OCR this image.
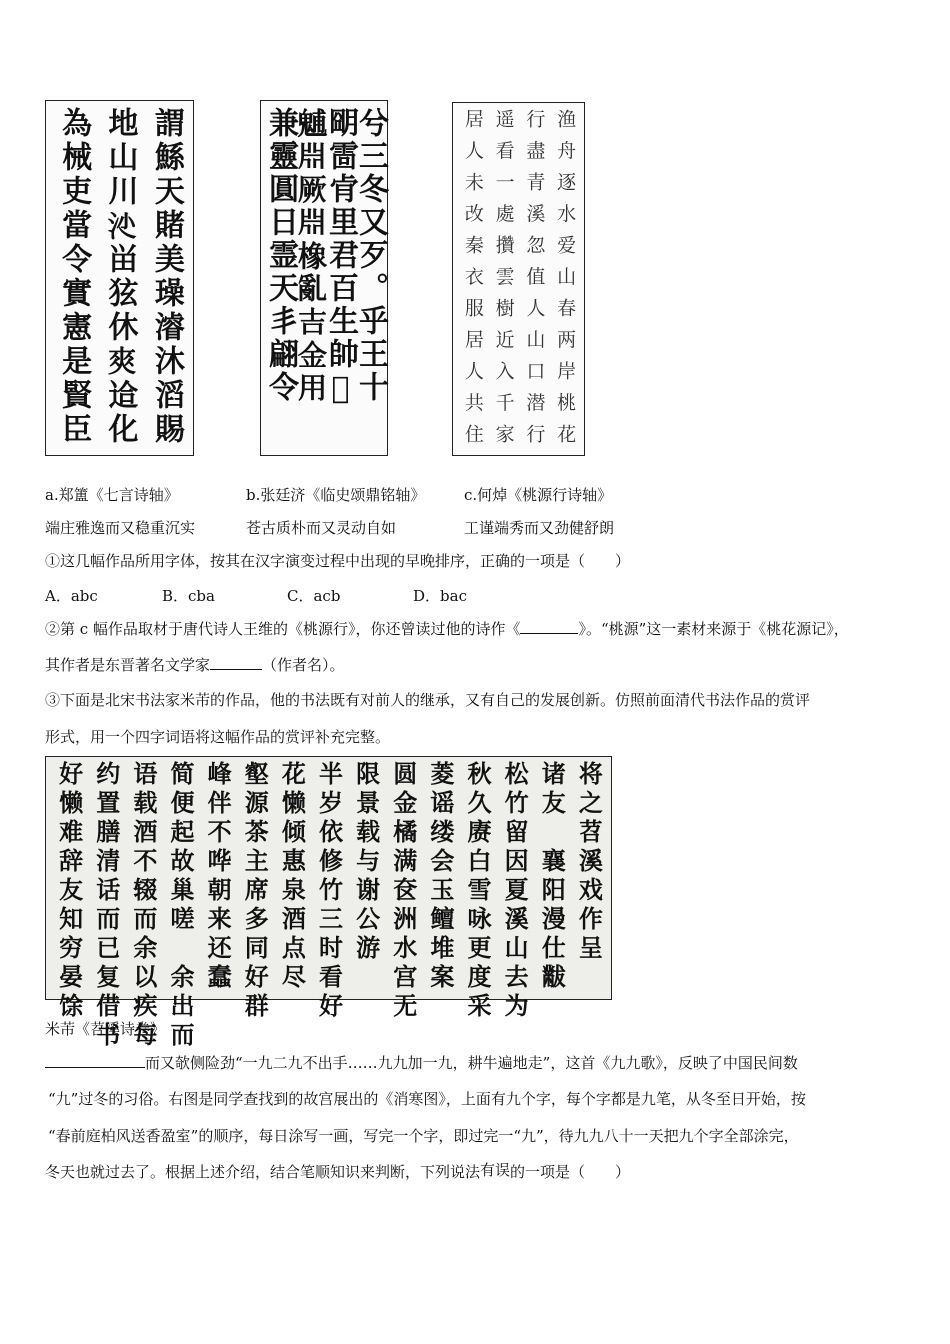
謂鯀天賭美璪𣿰沐滔賜
地山川𣲡畄㹡休𡙁䢔化
為械吏當令實憲是賢臣	兮三冬又歹。乎王十
朙䨓肻里君百生帥𩒁
𩳐𣶒厥𣶒橡亂吉金用
兼靈圓日霊天丯翩令	渔舟逐水爱山春两岸桃花
行盡青溪忽值人山口潜行
遥看一處攢雲樹近入千家
居人未改秦衣服居人共住
a.郑簠《七言诗轴》	b.张廷济《临史颂鼎铭轴》	c.何焯《桃源行诗轴》
端庄雅逸而又稳重沉实	苍古质朴而又灵动自如	工谨端秀而又劲健舒朗
①这几幅作品所用字体，按其在汉字演变过程中出现的早晚排序，正确的一项是（　　）
A．abc	B．cba	C．acb	D．bac
②第 c 幅作品取材于唐代诗人王维的《桃源行》，你还曾读过他的诗作《	》。“桃源”这一素材来源于《桃花源记》，
其作者是东晋著名文学家	（作者名）。
③下面是北宋书法家米芾的作品，他的书法既有对前人的继承，又有自己的发展创新。仿照前面清代书法作品的赏评
形式，用一个四字词语将这幅作品的赏评补充完整。
将之苕溪戏作呈
诸友　襄阳漫仕黻
松竹留因夏溪山去为
秋久赓白雪咏更度采
菱谣缕会玉鳣堆案
圆金橘满奁洲水宫无
限景载与谢公游
半岁依修竹三时看好
花懒倾惠泉酒点尽
壑源茶主席多同好群
峰伴不哗朝来还蠢
简便起故巢嗟　余出而
语载酒不辍而余以疾每
约置膳清话而已复借书
好懒难辞友知穷晏馀
米芾《苕溪诗卷》
而又欹侧险劲“一九二九不出手……九九加一九，耕牛遍地走”，这首《九九歌》，反映了中国民间数
“九”过冬的习俗。右图是同学查找到的故宫展出的《消寒图》，上面有九个字，每个字都是九笔，从冬至日开始，按
“春前庭柏风送香盈室”的顺序，每日涂写一画，写完一个字，即过完一“九”，待九九八十一天把九个字全部涂完，
冬天也就过去了。根据上述介绍，结合笔顺知识来判断，下列说法有误的一项是（　　）
